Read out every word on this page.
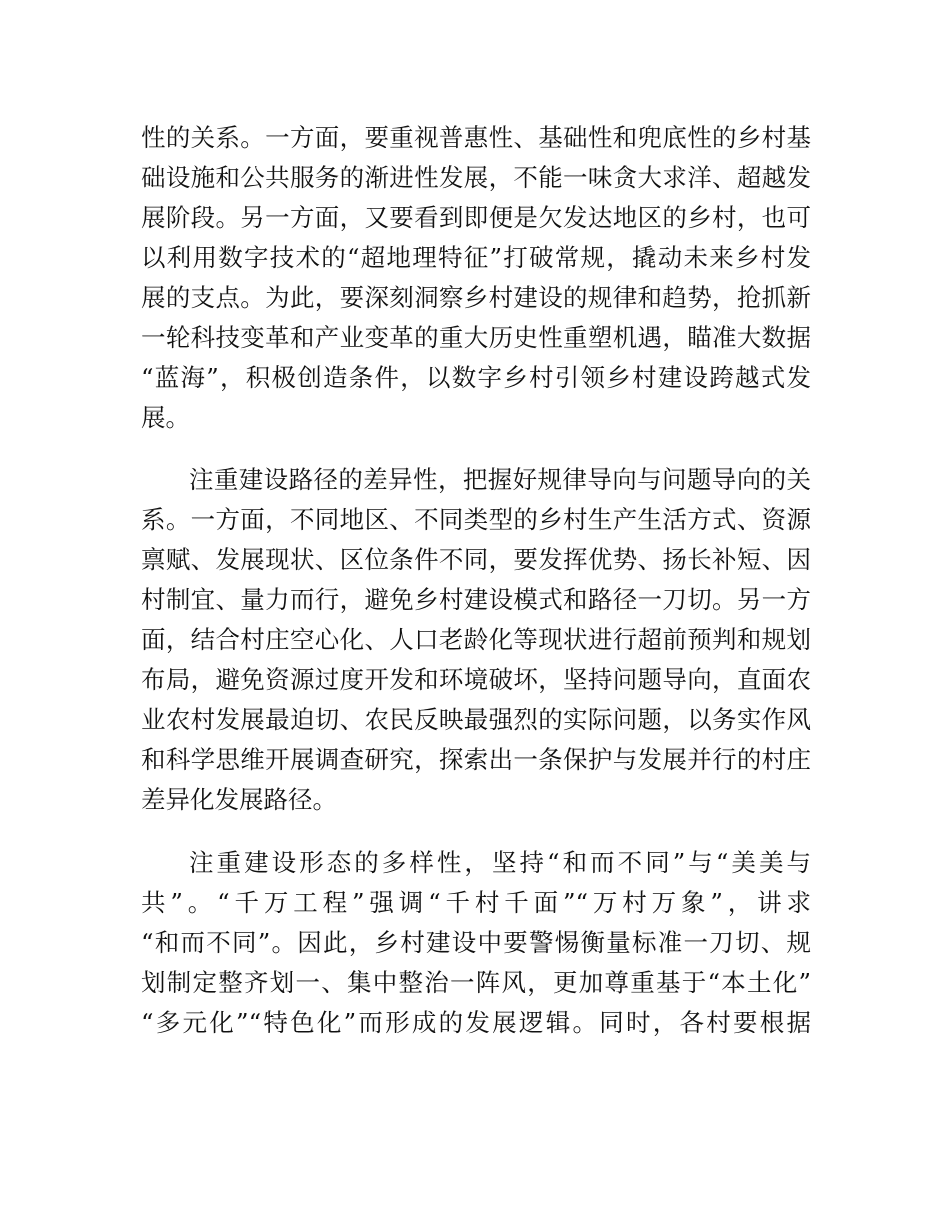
性的关系。一方面，要重视普惠性、基础性和兜底性的乡村基
础设施和公共服务的渐进性发展，不能一味贪大求洋、超越发
展阶段。另一方面，又要看到即便是欠发达地区的乡村，也可
以利用数字技术的“超地理特征”打破常规，撬动未来乡村发
展的支点。为此，要深刻洞察乡村建设的规律和趋势，抢抓新
一轮科技变革和产业变革的重大历史性重塑机遇，瞄准大数据
“蓝海”，积极创造条件，以数字乡村引领乡村建设跨越式发
展。
注重建设路径的差异性，把握好规律导向与问题导向的关
系。一方面，不同地区、不同类型的乡村生产生活方式、资源
禀赋、发展现状、区位条件不同，要发挥优势、扬长补短、因
村制宜、量力而行，避免乡村建设模式和路径一刀切。另一方
面，结合村庄空心化、人口老龄化等现状进行超前预判和规划
布局，避免资源过度开发和环境破坏，坚持问题导向，直面农
业农村发展最迫切、农民反映最强烈的实际问题，以务实作风
和科学思维开展调查研究，探索出一条保护与发展并行的村庄
差异化发展路径。
注重建设形态的多样性，坚持“和而不同”与“美美与
共”。“千万工程”强调“千村千面”“万村万象”，讲求
“和而不同”。因此，乡村建设中要警惕衡量标准一刀切、规
划制定整齐划一、集中整治一阵风，更加尊重基于“本土化”
“多元化”“特色化”而形成的发展逻辑。同时，各村要根据
